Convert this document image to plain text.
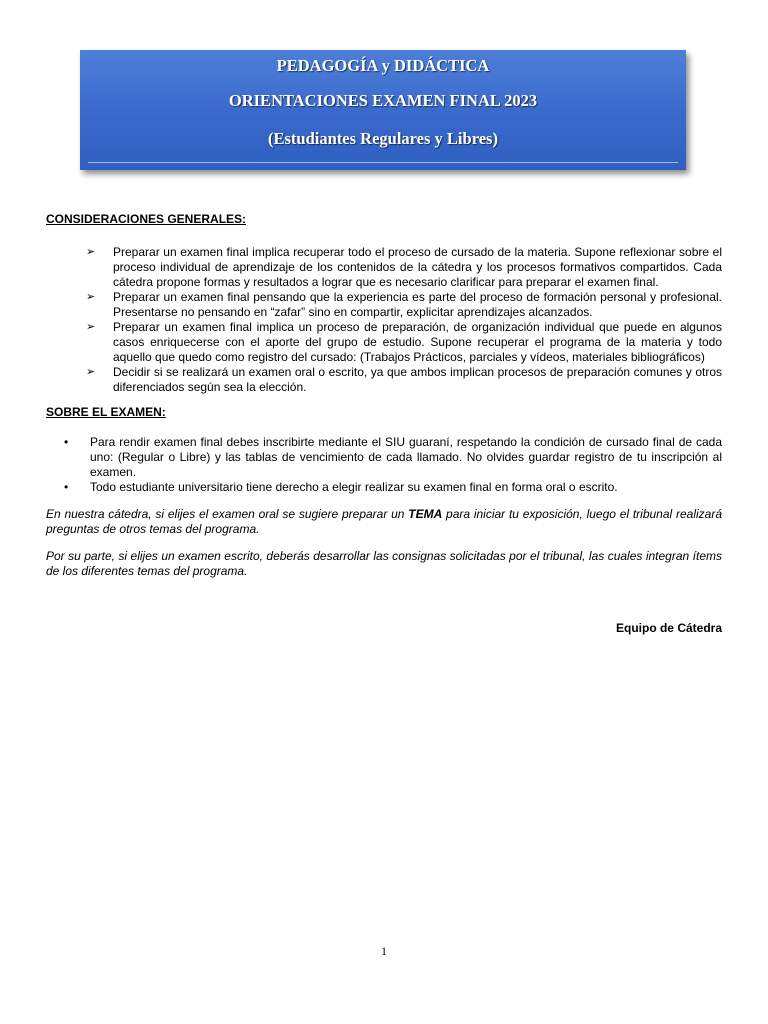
PEDAGOGÍA y DIDÁCTICA
ORIENTACIONES EXAMEN FINAL 2023
(Estudiantes Regulares y Libres)

CONSIDERACIONES GENERALES:

➢	Preparar un examen final implica recuperar todo el proceso de cursado de la materia. Supone reflexionar sobre el proceso individual de aprendizaje de los contenidos de la cátedra y los procesos formativos compartidos. Cada cátedra propone formas y resultados a lograr que es necesario clarificar para preparar el examen final.
➢	Preparar un examen final pensando que la experiencia es parte del proceso de formación personal y profesional. Presentarse no pensando en “zafar” sino en compartir, explicitar aprendizajes alcanzados.
➢	Preparar un examen final implica un proceso de preparación, de organización individual que puede en algunos casos enriquecerse con el aporte del grupo de estudio. Supone recuperar el programa de la materia y todo aquello que quedo como registro del cursado: (Trabajos Prácticos, parciales y vídeos, materiales bibliográficos)
➢	Decidir si se realizará un examen oral o escrito, ya que ambos implican procesos de preparación comunes y otros diferenciados según sea la elección.

SOBRE EL EXAMEN:

• Para rendir examen final debes inscribirte mediante el SIU guaraní, respetando la condición de cursado final de cada uno: (Regular o Libre) y las tablas de vencimiento de cada llamado. No olvides guardar registro de tu inscripción al examen.
• Todo estudiante universitario tiene derecho a elegir realizar su examen final en forma oral o escrito.

En nuestra cátedra, si elijes el examen oral se sugiere preparar un TEMA para iniciar tu exposición, luego el tribunal realizará preguntas de otros temas del programa.

Por su parte, si elijes un examen escrito, deberás desarrollar las consignas solicitadas por el tribunal, las cuales integran ítems de los diferentes temas del programa.

Equipo de Cátedra
1
